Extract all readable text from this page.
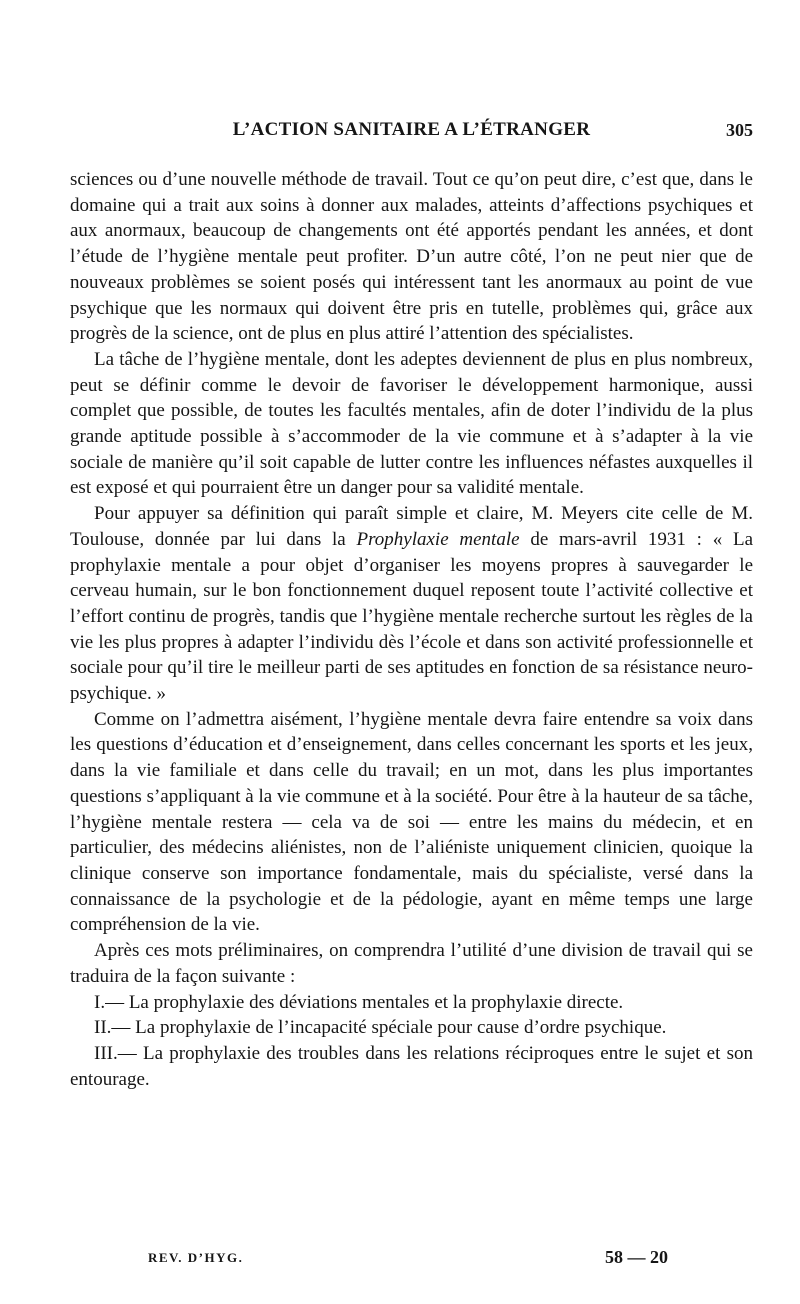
L’ACTION SANITAIRE A L’ÉTRANGER	305

sciences ou d’une nouvelle méthode de travail. Tout ce qu’on peut dire, c’est que, dans le domaine qui a trait aux soins à donner aux malades, atteints d’affections psychiques et aux anormaux, beaucoup de changements ont été apportés pendant les années, et dont l’étude de l’hygiène mentale peut profiter. D’un autre côté, l’on ne peut nier que de nouveaux problèmes se soient posés qui intéressent tant les anormaux au point de vue psychique que les normaux qui doivent être pris en tutelle, problèmes qui, grâce aux progrès de la science, ont de plus en plus attiré l’attention des spécialistes.

La tâche de l’hygiène mentale, dont les adeptes deviennent de plus en plus nombreux, peut se définir comme le devoir de favoriser le développement harmonique, aussi complet que possible, de toutes les facultés mentales, afin de doter l’individu de la plus grande aptitude possible à s’accommoder de la vie commune et à s’adapter à la vie sociale de manière qu’il soit capable de lutter contre les influences néfastes auxquelles il est exposé et qui pourraient être un danger pour sa validité mentale.

Pour appuyer sa définition qui paraît simple et claire, M. Meyers cite celle de M. Toulouse, donnée par lui dans la Prophylaxie mentale de mars-avril 1931 : « La prophylaxie mentale a pour objet d’organiser les moyens propres à sauvegarder le cerveau humain, sur le bon fonctionnement duquel reposent toute l’activité collective et l’effort continu de progrès, tandis que l’hygiène mentale recherche surtout les règles de la vie les plus propres à adapter l’individu dès l’école et dans son activité professionnelle et sociale pour qu’il tire le meilleur parti de ses aptitudes en fonction de sa résistance neuro-psychique. »

Comme on l’admettra aisément, l’hygiène mentale devra faire entendre sa voix dans les questions d’éducation et d’enseignement, dans celles concernant les sports et les jeux, dans la vie familiale et dans celle du travail; en un mot, dans les plus importantes questions s’appliquant à la vie commune et à la société. Pour être à la hauteur de sa tâche, l’hygiène mentale restera — cela va de soi — entre les mains du médecin, et en particulier, des médecins aliénistes, non de l’aliéniste uniquement clinicien, quoique la clinique conserve son importance fondamentale, mais du spécialiste, versé dans la connaissance de la psychologie et de la pédologie, ayant en même temps une large compréhension de la vie.

Après ces mots préliminaires, on comprendra l’utilité d’une division de travail qui se traduira de la façon suivante :

I.— La prophylaxie des déviations mentales et la prophylaxie directe.

II.— La prophylaxie de l’incapacité spéciale pour cause d’ordre psychique.

III.— La prophylaxie des troubles dans les relations réciproques entre le sujet et son entourage.

REV. D’HYG.	58 — 20
